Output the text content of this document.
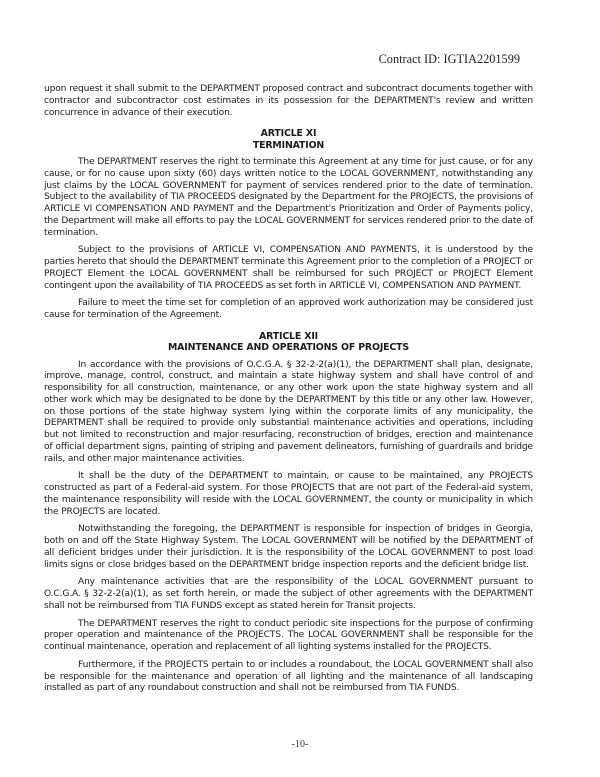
Contract ID: IGTIA2201599

upon request it shall submit to the DEPARTMENT proposed contract and subcontract documents together with contractor and subcontractor cost estimates in its possession for the DEPARTMENT's review and written concurrence in advance of their execution.

ARTICLE XI
TERMINATION

The DEPARTMENT reserves the right to terminate this Agreement at any time for just cause, or for any cause, or for no cause upon sixty (60) days written notice to the LOCAL GOVERNMENT, notwithstanding any just claims by the LOCAL GOVERNMENT for payment of services rendered prior to the date of termination. Subject to the availability of TIA PROCEEDS designated by the Department for the PROJECTS, the provisions of ARTICLE VI COMPENSATION AND PAYMENT and the Department's Prioritization and Order of Payments policy, the Department will make all efforts to pay the LOCAL GOVERNMENT for services rendered prior to the date of termination.

Subject to the provisions of ARTICLE VI, COMPENSATION AND PAYMENTS, it is understood by the parties hereto that should the DEPARTMENT terminate this Agreement prior to the completion of a PROJECT or PROJECT Element the LOCAL GOVERNMENT shall be reimbursed for such PROJECT or PROJECT Element contingent upon the availability of TIA PROCEEDS as set forth in ARTICLE VI, COMPENSATION AND PAYMENT.

Failure to meet the time set for completion of an approved work authorization may be considered just cause for termination of the Agreement.

ARTICLE XII
MAINTENANCE AND OPERATIONS OF PROJECTS

In accordance with the provisions of O.C.G.A. § 32-2-2(a)(1), the DEPARTMENT shall plan, designate, improve, manage, control, construct, and maintain a state highway system and shall have control of and responsibility for all construction, maintenance, or any other work upon the state highway system and all other work which may be designated to be done by the DEPARTMENT by this title or any other law. However, on those portions of the state highway system lying within the corporate limits of any municipality, the DEPARTMENT shall be required to provide only substantial maintenance activities and operations, including but not limited to reconstruction and major resurfacing, reconstruction of bridges, erection and maintenance of official department signs, painting of striping and pavement delineators, furnishing of guardrails and bridge rails, and other major maintenance activities.

It shall be the duty of the DEPARTMENT to maintain, or cause to be maintained, any PROJECTS constructed as part of a Federal-aid system. For those PROJECTS that are not part of the Federal-aid system, the maintenance responsibility will reside with the LOCAL GOVERNMENT, the county or municipality in which the PROJECTS are located.

Notwithstanding the foregoing, the DEPARTMENT is responsible for inspection of bridges in Georgia, both on and off the State Highway System. The LOCAL GOVERNMENT will be notified by the DEPARTMENT of all deficient bridges under their jurisdiction. It is the responsibility of the LOCAL GOVERNMENT to post load limits signs or close bridges based on the DEPARTMENT bridge inspection reports and the deficient bridge list.

Any maintenance activities that are the responsibility of the LOCAL GOVERNMENT pursuant to O.C.G.A. § 32-2-2(a)(1), as set forth herein, or made the subject of other agreements with the DEPARTMENT shall not be reimbursed from TIA FUNDS except as stated herein for Transit projects.

The DEPARTMENT reserves the right to conduct periodic site inspections for the purpose of confirming proper operation and maintenance of the PROJECTS. The LOCAL GOVERNMENT shall be responsible for the continual maintenance, operation and replacement of all lighting systems installed for the PROJECTS.

Furthermore, if the PROJECTS pertain to or includes a roundabout, the LOCAL GOVERNMENT shall also be responsible for the maintenance and operation of all lighting and the maintenance of all landscaping installed as part of any roundabout construction and shall not be reimbursed from TIA FUNDS.

-10-
